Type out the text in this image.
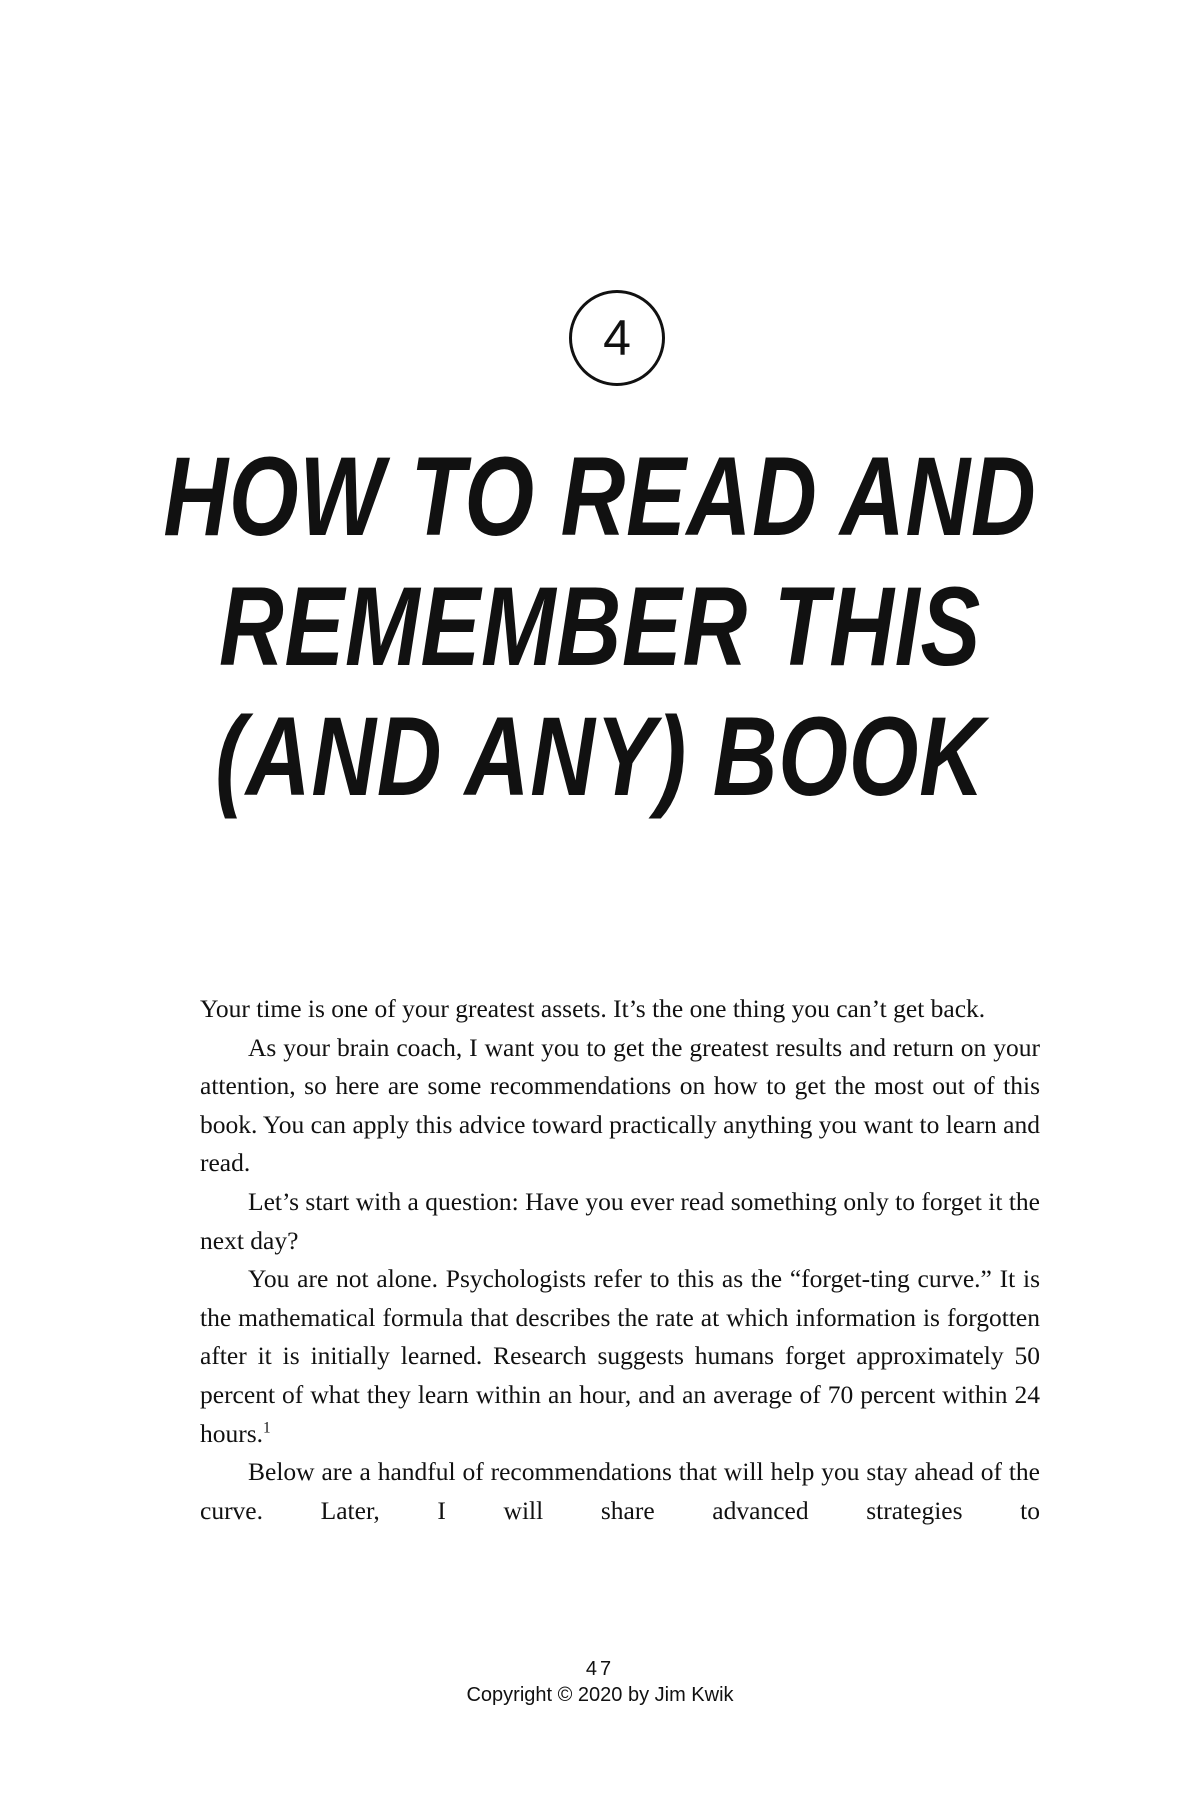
4
HOW TO READ AND
REMEMBER THIS
(AND ANY) BOOK

Your time is one of your greatest assets. It’s the one thing you can’t get back.

As your brain coach, I want you to get the greatest results and return on your attention, so here are some recommendations on how to get the most out of this book. You can apply this advice toward practically anything you want to learn and read.

Let’s start with a question: Have you ever read something only to forget it the next day?

You are not alone. Psychologists refer to this as the “forget-ting curve.” It is the mathematical formula that describes the rate at which information is forgotten after it is initially learned. Research suggests humans forget approximately 50 percent of what they learn within an hour, and an average of 70 percent within 24 hours.$^1$

Below are a handful of recommendations that will help you stay ahead of the curve. Later, I will share advanced strategies to

47
Copyright © 2020 by Jim Kwik
